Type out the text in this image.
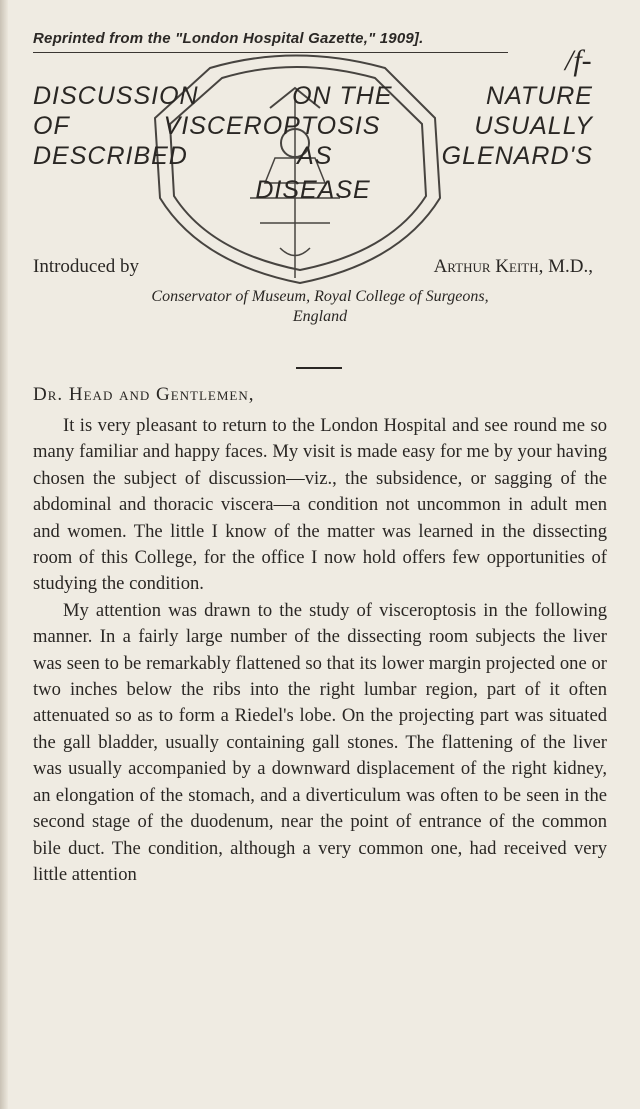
Reprinted from the "London Hospital Gazette," 1909].
/f-
DISCUSSION	ON THE	NATURE
OF	VISCEROPTOSIS	USUALLY
DESCRIBED	AS	GLENARD'S
DISEASE
Introduced by	Arthur Keith, M.D.,
Conservator of Museum, Royal College of Surgeons,
England
Dr. Head and Gentlemen,

It is very pleasant to return to the London Hospital and see round me so many familiar and happy faces. My visit is made easy for me by your having chosen the subject of discussion—viz., the subsidence, or sagging of the abdominal and thoracic viscera—a condition not uncommon in adult men and women. The little I know of the matter was learned in the dissecting room of this College, for the office I now hold offers few opportunities of studying the condition.

My attention was drawn to the study of visceroptosis in the following manner. In a fairly large number of the dissecting room subjects the liver was seen to be remarkably flattened so that its lower margin projected one or two inches below the ribs into the right lumbar region, part of it often attenuated so as to form a Riedel's lobe. On the projecting part was situated the gall bladder, usually containing gall stones. The flattening of the liver was usually accompanied by a downward displacement of the right kidney, an elongation of the stomach, and a diverticulum was often to be seen in the second stage of the duodenum, near the point of entrance of the common bile duct. The condition, although a very common one, had received very little attention
